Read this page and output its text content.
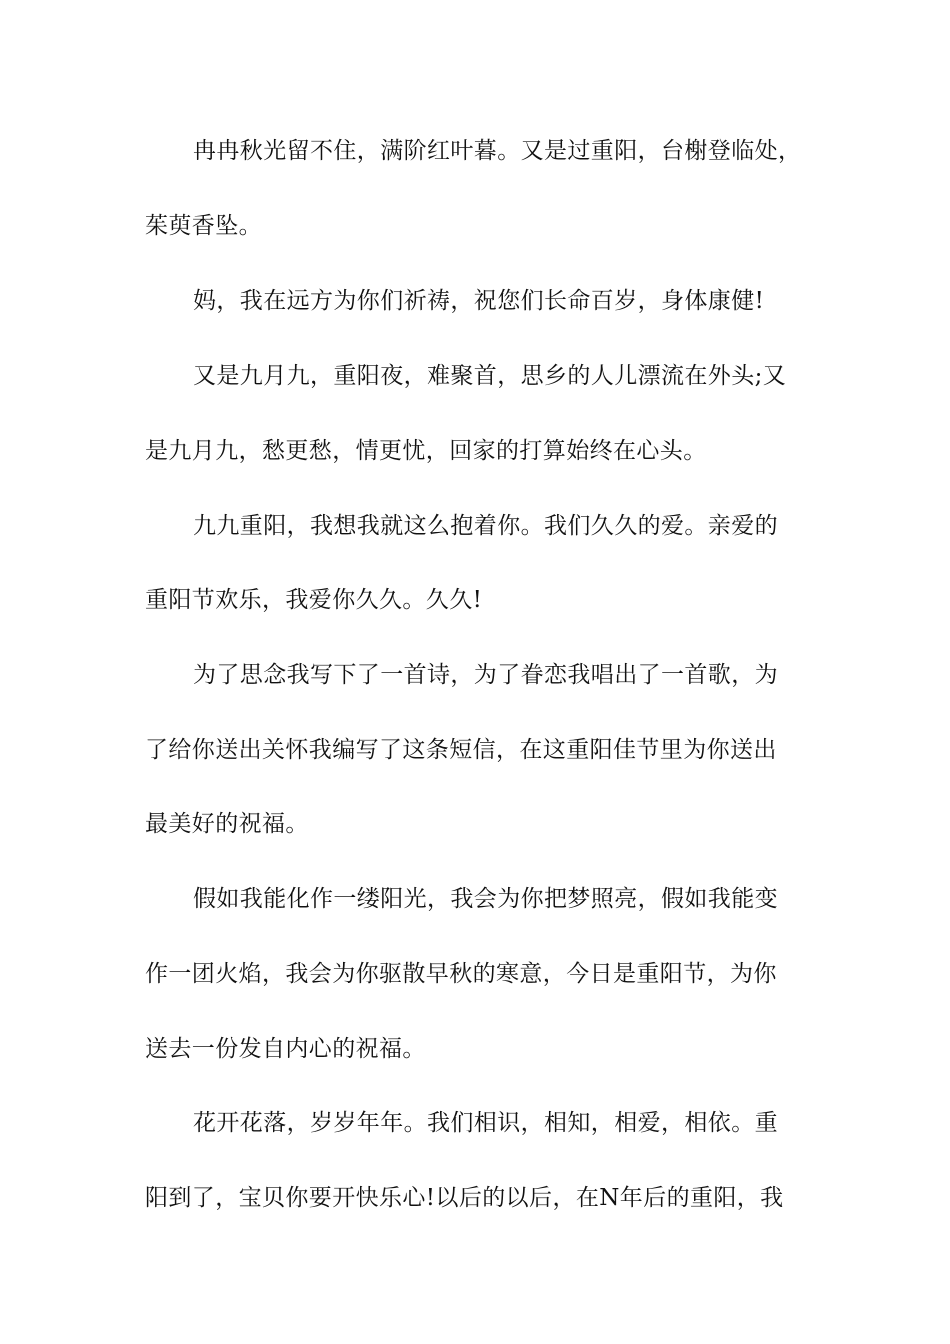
冉冉秋光留不住，满阶红叶暮。又是过重阳，台榭登临处，
茱萸香坠。
妈，我在远方为你们祈祷，祝您们长命百岁，身体康健!
又是九月九，重阳夜，难聚首，思乡的人儿漂流在外头;又
是九月九，愁更愁，情更忧，回家的打算始终在心头。
九九重阳，我想我就这么抱着你。我们久久的爱。亲爱的
重阳节欢乐，我爱你久久。久久!
为了思念我写下了一首诗，为了眷恋我唱出了一首歌，为
了给你送出关怀我编写了这条短信，在这重阳佳节里为你送出
最美好的祝福。
假如我能化作一缕阳光，我会为你把梦照亮，假如我能变
作一团火焰，我会为你驱散早秋的寒意，今日是重阳节，为你
送去一份发自内心的祝福。
花开花落，岁岁年年。我们相识，相知，相爱，相依。重
阳到了，宝贝你要开快乐心!以后的以后，在N年后的重阳，我
